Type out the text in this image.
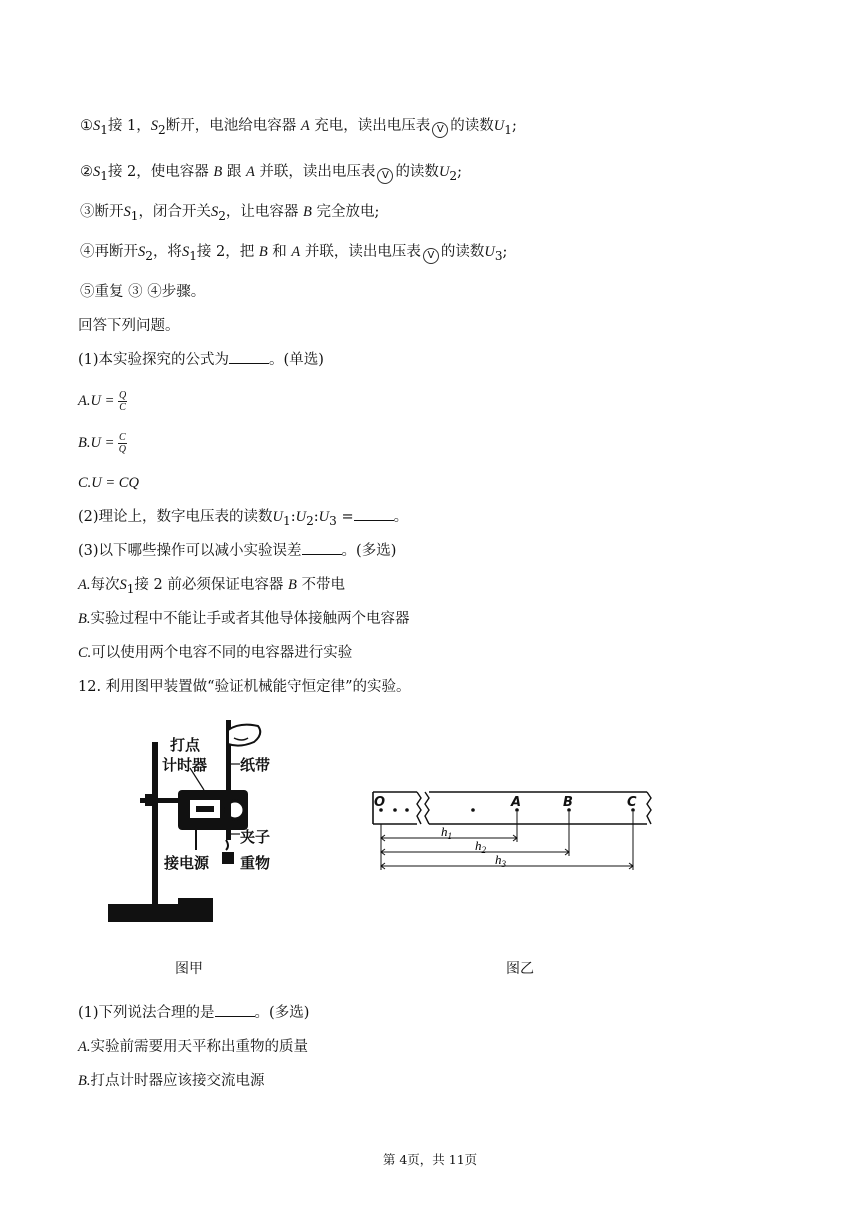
$①S_1$接 1，$S_2$断开，电池给电容器 A 充电，读出电压表 V 的读数$U_1$;
$②S_1$接 2，使电容器 B 跟 A 并联，读出电压表 V 的读数$U_2$;
③断开$S_1$，闭合开关$S_2$，让电容器 B 完全放电;
④再断开$S_2$，将$S_1$接 2，把 B 和 A 并联，读出电压表 V 的读数$U_3$;
⑤重复 ③ ④步骤。
回答下列问题。
(1)本实验探究的公式为	。(单选)
$A.U = \frac{Q}{C}$
$B.U = \frac{C}{Q}$
C.U = CQ
(2)理论上，数字电压表的读数$U_1:U_2:U_3$ =	。
(3)以下哪些操作可以减小实验误差	。(多选)
A.每次$S_1$接 2 前必须保证电容器 B 不带电
B.实验过程中不能让手或者其他导体接触两个电容器
C.可以使用两个电容不同的电容器进行实验
12. 利用图甲装置做“验证机械能守恒定律”的实验。
打点
计时器 纸带
夹子
接电源 重物
图甲
O	A	B	C
$h_1$
$h_2$
$h_3$
图乙
(1)下列说法合理的是	。(多选)
A.实验前需要用天平称出重物的质量
B.打点计时器应该接交流电源
第 4页，共 11页
